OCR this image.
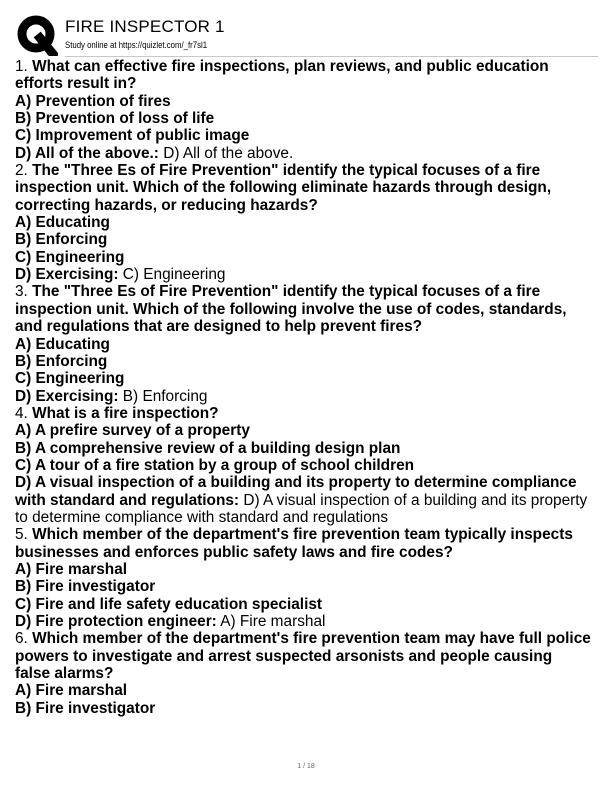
FIRE INSPECTOR 1
Study online at https://quizlet.com/_fr7sl1
1. What can effective fire inspections, plan reviews, and public education
efforts result in?
A) Prevention of fires
B) Prevention of loss of life
C) Improvement of public image
D) All of the above.: D) All of the above.
2. The "Three Es of Fire Prevention" identify the typical focuses of a fire
inspection unit. Which of the following eliminate hazards through design,
correcting hazards, or reducing hazards?
A) Educating
B) Enforcing
C) Engineering
D) Exercising: C) Engineering
3. The "Three Es of Fire Prevention" identify the typical focuses of a fire
inspection unit. Which of the following involve the use of codes, standards,
and regulations that are designed to help prevent fires?
A) Educating
B) Enforcing
C) Engineering
D) Exercising: B) Enforcing
4. What is a fire inspection?
A) A prefire survey of a property
B) A comprehensive review of a building design plan
C) A tour of a fire station by a group of school children
D) A visual inspection of a building and its property to determine compliance
with standard and regulations: D) A visual inspection of a building and its property
to determine compliance with standard and regulations
5. Which member of the department's fire prevention team typically inspects
businesses and enforces public safety laws and fire codes?
A) Fire marshal
B) Fire investigator
C) Fire and life safety education specialist
D) Fire protection engineer: A) Fire marshal
6. Which member of the department's fire prevention team may have full police
powers to investigate and arrest suspected arsonists and people causing
false alarms?
A) Fire marshal
B) Fire investigator
1 / 18
